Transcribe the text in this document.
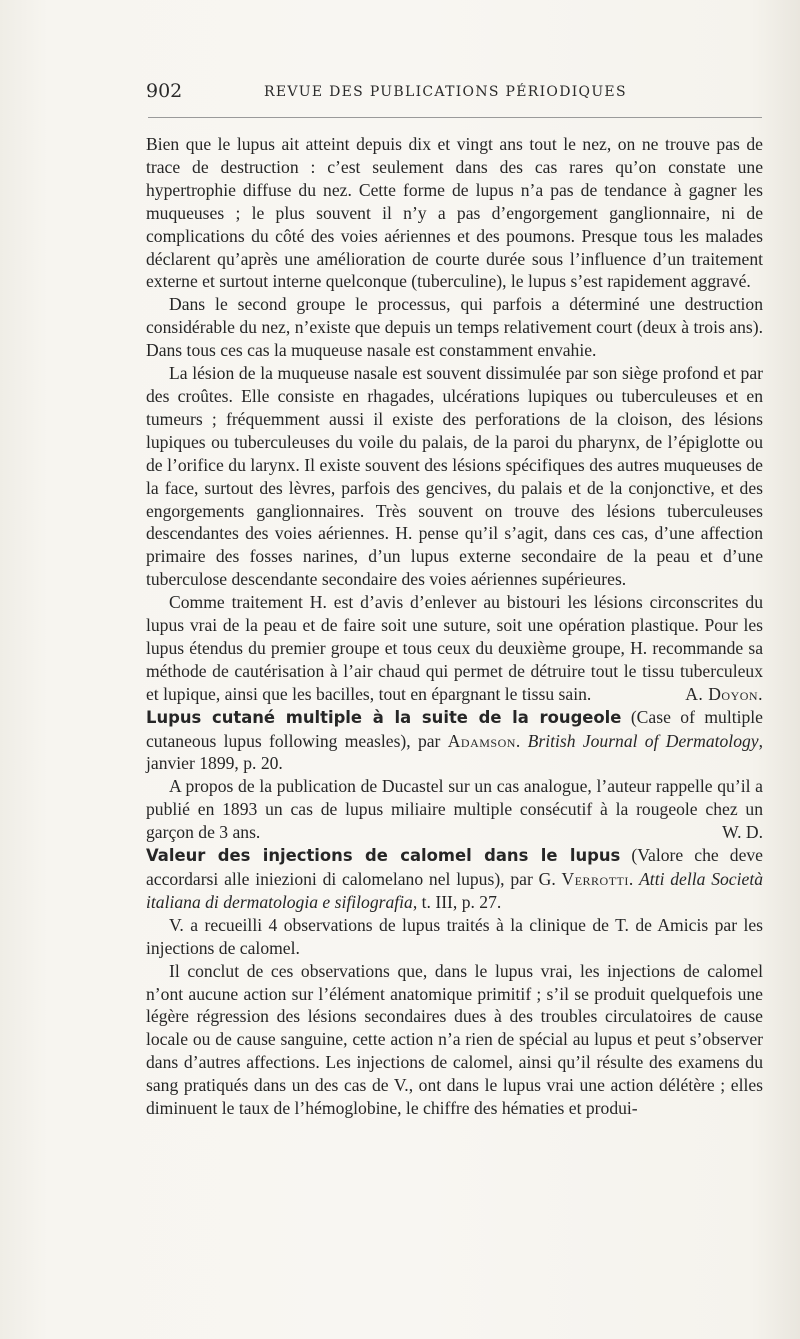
902	REVUE DES PUBLICATIONS PÉRIODIQUES

Bien que le lupus ait atteint depuis dix et vingt ans tout le nez, on ne trouve pas de trace de destruction : c’est seulement dans des cas rares qu’on constate une hypertrophie diffuse du nez. Cette forme de lupus n’a pas de tendance à gagner les muqueuses ; le plus souvent il n’y a pas d’engorgement ganglionnaire, ni de complications du côté des voies aériennes et des poumons. Presque tous les malades déclarent qu’après une amélioration de courte durée sous l’influence d’un traitement externe et surtout interne quelconque (tuberculine), le lupus s’est rapidement aggravé.

Dans le second groupe le processus, qui parfois a déterminé une destruction considérable du nez, n’existe que depuis un temps relativement court (deux à trois ans). Dans tous ces cas la muqueuse nasale est constamment envahie.

La lésion de la muqueuse nasale est souvent dissimulée par son siège profond et par des croûtes. Elle consiste en rhagades, ulcérations lupiques ou tuberculeuses et en tumeurs ; fréquemment aussi il existe des perforations de la cloison, des lésions lupiques ou tuberculeuses du voile du palais, de la paroi du pharynx, de l’épiglotte ou de l’orifice du larynx. Il existe souvent des lésions spécifiques des autres muqueuses de la face, surtout des lèvres, parfois des gencives, du palais et de la conjonctive, et des engorgements ganglionnaires. Très souvent on trouve des lésions tuberculeuses descendantes des voies aériennes. H. pense qu’il s’agit, dans ces cas, d’une affection primaire des fosses narines, d’un lupus externe secondaire de la peau et d’une tuberculose descendante secondaire des voies aériennes supérieures.

Comme traitement H. est d’avis d’enlever au bistouri les lésions circonscrites du lupus vrai de la peau et de faire soit une suture, soit une opération plastique. Pour les lupus étendus du premier groupe et tous ceux du deuxième groupe, H. recommande sa méthode de cautérisation à l’air chaud qui permet de détruire tout le tissu tuberculeux et lupique, ainsi que les bacilles, tout en épargnant le tissu sain.	A. Doyon.

Lupus cutané multiple à la suite de la rougeole (Case of multiple cutaneous lupus following measles), par Adamson. British Journal of Dermatology, janvier 1899, p. 20.

A propos de la publication de Ducastel sur un cas analogue, l’auteur rappelle qu’il a publié en 1893 un cas de lupus miliaire multiple consécutif à la rougeole chez un garçon de 3 ans.	W. D.

Valeur des injections de calomel dans le lupus (Valore che deve accordarsi alle iniezioni di calomelano nel lupus), par G. Verrotti. Atti della Società italiana di dermatologia e sifilografia, t. III, p. 27.

V. a recueilli 4 observations de lupus traités à la clinique de T. de Amicis par les injections de calomel.

Il conclut de ces observations que, dans le lupus vrai, les injections de calomel n’ont aucune action sur l’élément anatomique primitif ; s’il se produit quelquefois une légère régression des lésions secondaires dues à des troubles circulatoires de cause locale ou de cause sanguine, cette action n’a rien de spécial au lupus et peut s’observer dans d’autres affections. Les injections de calomel, ainsi qu’il résulte des examens du sang pratiqués dans un des cas de V., ont dans le lupus vrai une action délétère ; elles diminuent le taux de l’hémoglobine, le chiffre des hématies et produi-
